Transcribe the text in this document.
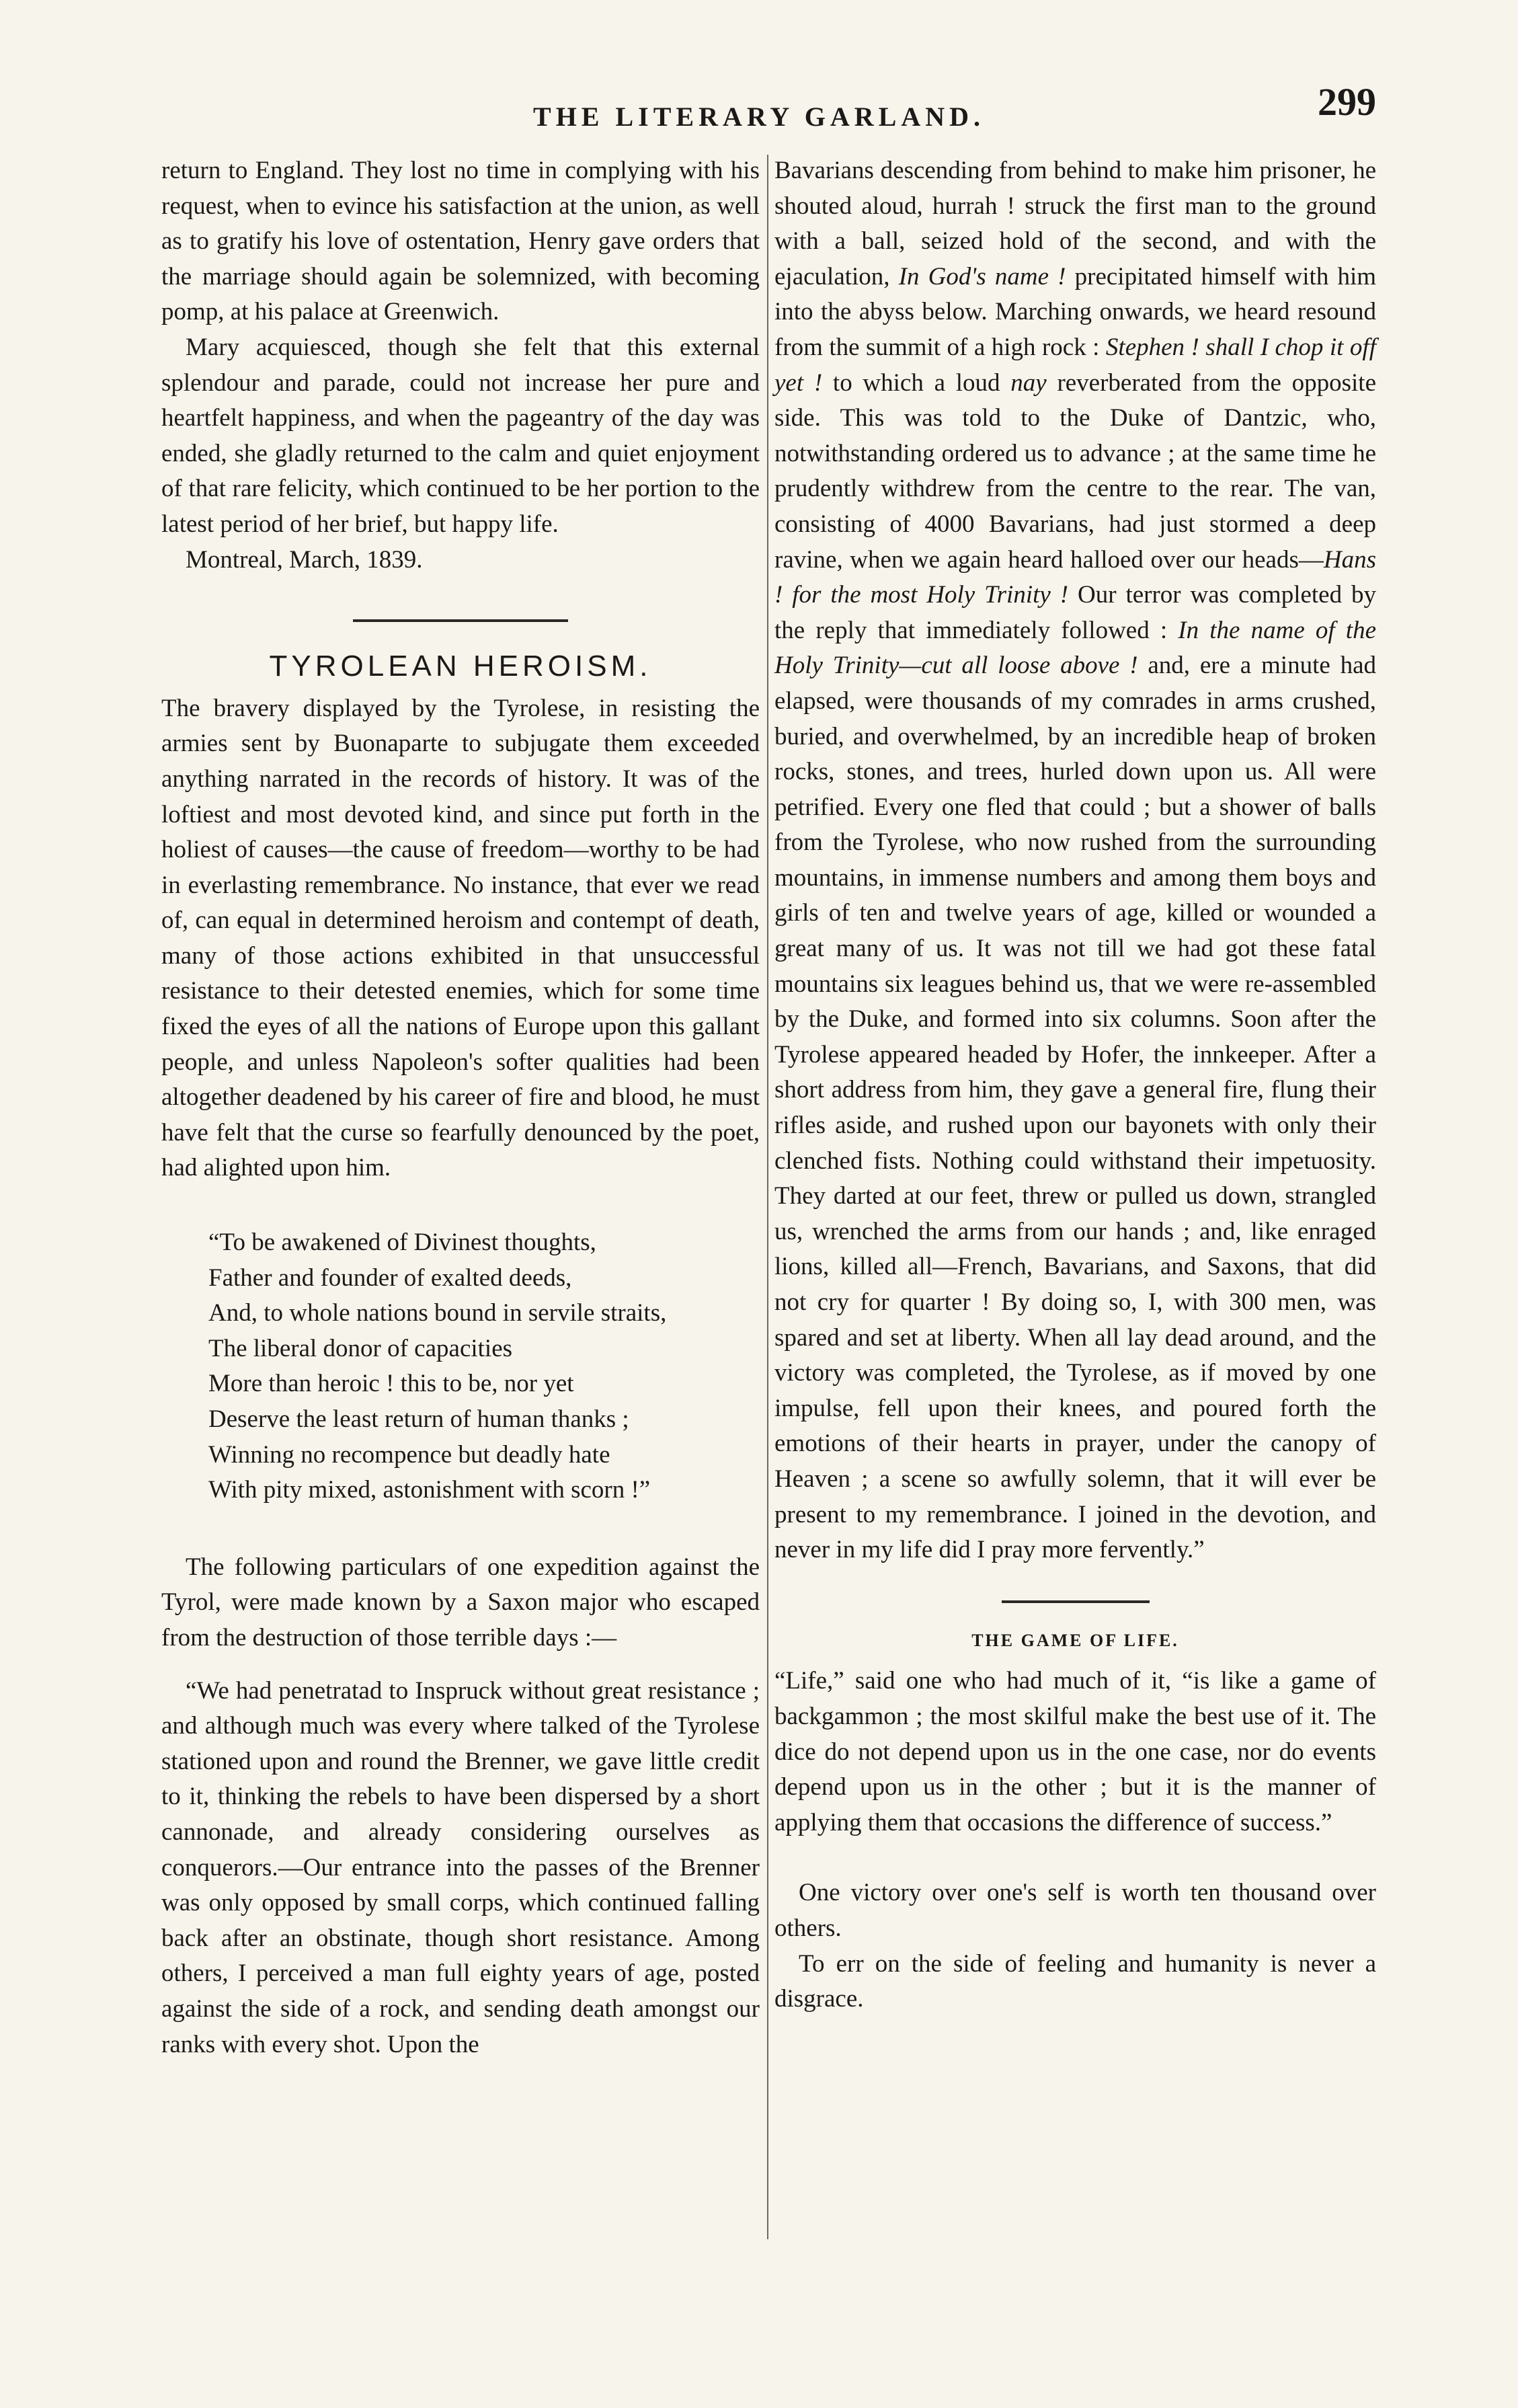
THE LITERARY GARLAND.	299

return to England. They lost no time in complying with his request, when to evince his satisfaction at the union, as well as to gratify his love of ostentation, Henry gave orders that the marriage should again be solemnized, with becoming pomp, at his palace at Greenwich.

Mary acquiesced, though she felt that this external splendour and parade, could not increase her pure and heartfelt happiness, and when the pageantry of the day was ended, she gladly returned to the calm and quiet enjoyment of that rare felicity, which continued to be her portion to the latest period of her brief, but happy life.

Montreal, March, 1839.

TYROLEAN HEROISM.

The bravery displayed by the Tyrolese, in resisting the armies sent by Buonaparte to subjugate them exceeded anything narrated in the records of history. It was of the loftiest and most devoted kind, and since put forth in the holiest of causes—the cause of freedom—worthy to be had in everlasting remembrance. No instance, that ever we read of, can equal in determined heroism and contempt of death, many of those actions exhibited in that unsuccessful resistance to their detested enemies, which for some time fixed the eyes of all the nations of Europe upon this gallant people, and unless Napoleon's softer qualities had been altogether deadened by his career of fire and blood, he must have felt that the curse so fearfully denounced by the poet, had alighted upon him.

“To be awakened of Divinest thoughts,

Father and founder of exalted deeds,

And, to whole nations bound in servile straits,

The liberal donor of capacities

More than heroic ! this to be, nor yet

Deserve the least return of human thanks ;

Winning no recompence but deadly hate

With pity mixed, astonishment with scorn !”

The following particulars of one expedition against the Tyrol, were made known by a Saxon major who escaped from the destruction of those terrible days :—

“We had penetratad to Inspruck without great resistance ; and although much was every where talked of the Tyrolese stationed upon and round the Brenner, we gave little credit to it, thinking the rebels to have been dispersed by a short cannonade, and already considering ourselves as conquerors.—Our entrance into the passes of the Brenner was only opposed by small corps, which continued falling back after an obstinate, though short resistance. Among others, I perceived a man full eighty years of age, posted against the side of a rock, and sending death amongst our ranks with every shot. Upon the

Bavarians descending from behind to make him prisoner, he shouted aloud, hurrah ! struck the first man to the ground with a ball, seized hold of the second, and with the ejaculation, In God's name ! precipitated himself with him into the abyss below. Marching onwards, we heard resound from the summit of a high rock : Stephen ! shall I chop it off yet ! to which a loud nay reverberated from the opposite side. This was told to the Duke of Dantzic, who, notwithstanding ordered us to advance ; at the same time he prudently withdrew from the centre to the rear. The van, consisting of 4000 Bavarians, had just stormed a deep ravine, when we again heard halloed over our heads—Hans ! for the most Holy Trinity ! Our terror was completed by the reply that immediately followed : In the name of the Holy Trinity—cut all loose above ! and, ere a minute had elapsed, were thousands of my comrades in arms crushed, buried, and overwhelmed, by an incredible heap of broken rocks, stones, and trees, hurled down upon us. All were petrified. Every one fled that could ; but a shower of balls from the Tyrolese, who now rushed from the surrounding mountains, in immense numbers and among them boys and girls of ten and twelve years of age, killed or wounded a great many of us. It was not till we had got these fatal mountains six leagues behind us, that we were re-assembled by the Duke, and formed into six columns. Soon after the Tyrolese appeared headed by Hofer, the innkeeper. After a short address from him, they gave a general fire, flung their rifles aside, and rushed upon our bayonets with only their clenched fists. Nothing could withstand their impetuosity. They darted at our feet, threw or pulled us down, strangled us, wrenched the arms from our hands ; and, like enraged lions, killed all—French, Bavarians, and Saxons, that did not cry for quarter ! By doing so, I, with 300 men, was spared and set at liberty. When all lay dead around, and the victory was completed, the Tyrolese, as if moved by one impulse, fell upon their knees, and poured forth the emotions of their hearts in prayer, under the canopy of Heaven ; a scene so awfully solemn, that it will ever be present to my remembrance. I joined in the devotion, and never in my life did I pray more fervently.”

THE GAME OF LIFE.

“Life,” said one who had much of it, “is like a game of backgammon ; the most skilful make the best use of it. The dice do not depend upon us in the one case, nor do events depend upon us in the other ; but it is the manner of applying them that occasions the difference of success.”

One victory over one's self is worth ten thousand over others.

To err on the side of feeling and humanity is never a disgrace.
